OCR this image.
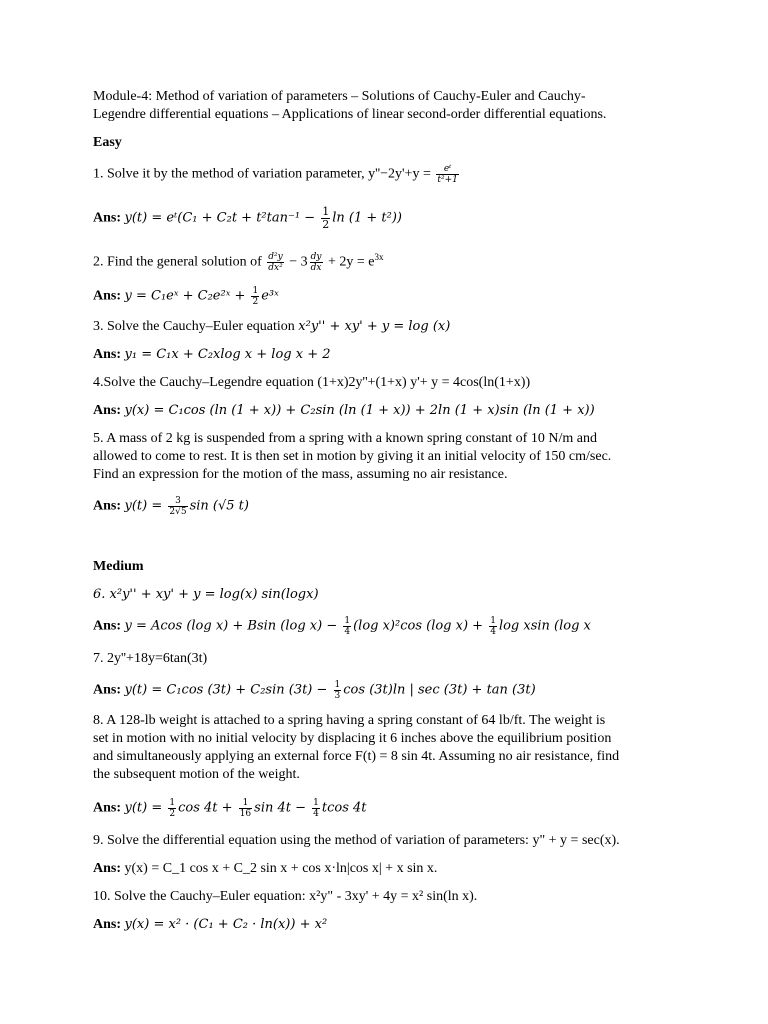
Module-4: Method of variation of parameters – Solutions of Cauchy-Euler and Cauchy-
Legendre differential equations – Applications of linear second-order differential equations.
Easy
1. Solve it by the method of variation parameter, $y''-2y'+y = \frac{\text{eᵗ}}{\text{t²+1}}$
Ans: y(t) = eᵗ(C₁ + $C_2t + t^2\tan^{-1} - \frac{1}{2}$ ln (1 + t²))
2. Find the general solution of $\frac{\text{d²y}}{\text{dx²}} - 3 \frac{dy}{dx} + 2y = e^{3x}$
Ans: y = C₁eˣ + C₂e²ˣ + $\frac{1}{2}$ e³ˣ
3. Solve the Cauchy–Euler equation x²y'' + xy' + y = log (x)
Ans: y₁ = C₁x + C₂xlog x + log x + 2
4.Solve the Cauchy–Legendre equation (1+x)2y''+(1+x) y'+ y = 4cos(ln(1+x))
Ans: y(x) = C₁cos (ln (1 + x)) + C₂sin (ln (1 + x)) + 2ln (1 + x)sin (ln (1 + x))
5. A mass of 2 kg is suspended from a spring with a known spring constant of 10 N/m and
allowed to come to rest. It is then set in motion by giving it an initial velocity of 150 cm/sec.
Find an expression for the motion of the mass, assuming no air resistance.
Ans: $y(t) = \frac{3}{2√5}$ sin (√5 t)
Medium
6. x²y'' + xy' + y = log(x) sin(logx)
Ans: y = Acos (log x) + Bsin (log $x) - \frac{1}{4} (\log$ x)²cos (log $x) + \frac{1}{4}$ log xsin (log x
7. 2y''+18y=6tan(3t)
Ans: y(t) = C₁cos (3t) + C₂sin $(3t) - \frac{1}{3}$ cos (3t)ln | sec (3t) + tan (3t)
8. A 128-lb weight is attached to a spring having a spring constant of 64 lb/ft. The weight is
set in motion with no initial velocity by displacing it 6 inches above the equilibrium position
and simultaneously applying an external force F(t) = 8 sin 4t. Assuming no air resistance, find
the subsequent motion of the weight.
Ans: $y(t) = \frac{1}{2}$ $\cos 4t + \frac{1}{16}$ $\sin 4t - \frac{1}{4}$ tcos 4t
9. Solve the differential equation using the method of variation of parameters: y" + y = sec(x).
Ans: y(x) = C_1 cos x + C_2 sin x + cos x·ln|cos x| + x sin x.
10. Solve the Cauchy–Euler equation: x²y" - 3xy' + 4y = x² sin(ln x).
Ans: y(x) = x² · (C₁ + C₂ · ln(x)) + x²
